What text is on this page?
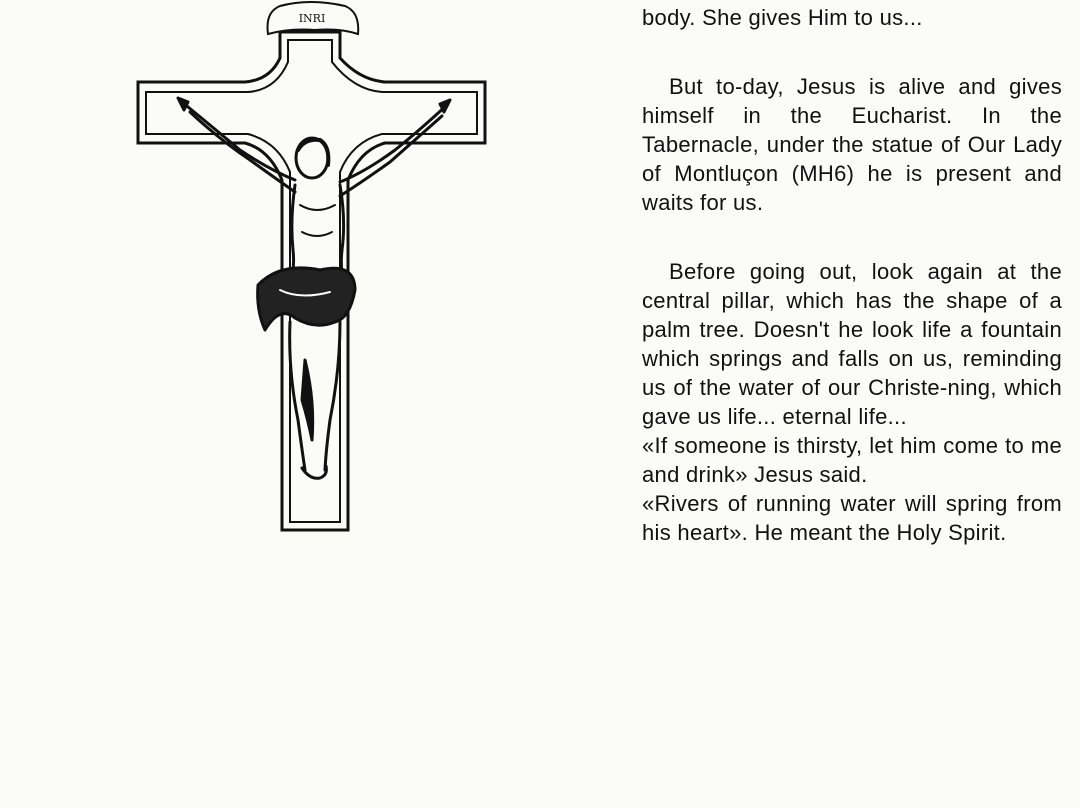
INRI	body. She gives Him to us...

But to-day, Jesus is alive and gives himself in the Eucharist. In the Tabernacle, under the statue of Our Lady of Montluçon (MH6) he is present and waits for us.

Before going out, look again at the central pillar, which has the shape of a palm tree. Doesn't he look life a fountain which springs and falls on us, reminding us of the water of our Christe-ning, which gave us life... eternal life...

«If someone is thirsty, let him come to me and drink» Jesus said.

«Rivers of running water will spring from his heart». He meant the Holy Spirit.
